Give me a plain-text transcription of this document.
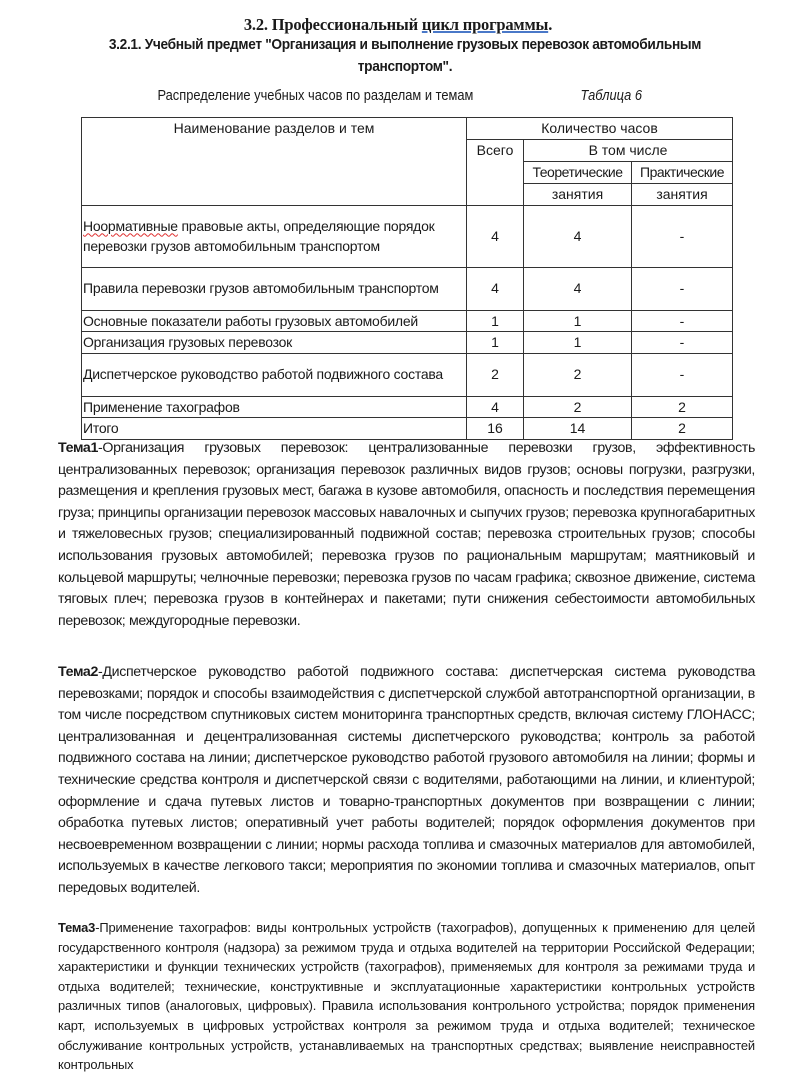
3.2. Профессиональный цикл программы.
3.2.1. Учебный предмет "Организация и выполнение грузовых перевозок автомобильным транспортом".
Распределение учебных часов по разделам и темам	Таблица 6
Наименование разделов и тем	Количество часов		
	Всего	В том числе	
		Теоретические	Практические
		занятия	занятия
Ноормативные правовые акты, определяющие порядок перевозки грузов автомобильным транспортом	4	4	-
Правила перевозки грузов автомобильным транспортом	4	4	-
Основные показатели работы грузовых автомобилей	1	1	-
Организация грузовых перевозок	1	1	-
Диспетчерское руководство работой подвижного состава	2	2	-
Применение тахографов	4	2	2
Итого	16	14	2

Тема1-Организация грузовых перевозок: централизованные перевозки грузов, эффективность централизованных перевозок; организация перевозок различных видов грузов; основы погрузки, разгрузки, размещения и крепления грузовых мест, багажа в кузове автомобиля, опасность и последствия перемещения груза; принципы организации перевозок массовых навалочных и сыпучих грузов; перевозка крупногабаритных и тяжеловесных грузов; специализированный подвижной состав; перевозка строительных грузов; способы использования грузовых автомобилей; перевозка грузов по рациональным маршрутам; маятниковый и кольцевой маршруты; челночные перевозки; перевозка грузов по часам графика; сквозное движение, система тяговых плеч; перевозка грузов в контейнерах и пакетами; пути снижения себестоимости автомобильных перевозок; междугородные перевозки.

Тема2-Диспетчерское руководство работой подвижного состава: диспетчерская система руководства перевозками; порядок и способы взаимодействия с диспетчерской службой автотранспортной организации, в том числе посредством спутниковых систем мониторинга транспортных средств, включая систему ГЛОНАСС; централизованная и децентрализованная системы диспетчерского руководства; контроль за работой подвижного состава на линии; диспетчерское руководство работой грузового автомобиля на линии; формы и технические средства контроля и диспетчерской связи с водителями, работающими на линии, и клиентурой; оформление и сдача путевых листов и товарно-транспортных документов при возвращении с линии; обработка путевых листов; оперативный учет работы водителей; порядок оформления документов при несвоевременном возвращении с линии; нормы расхода топлива и смазочных материалов для автомобилей, используемых в качестве легкового такси; мероприятия по экономии топлива и смазочных материалов, опыт передовых водителей.

Тема3-Применение тахографов: виды контрольных устройств (тахографов), допущенных к применению для целей государственного контроля (надзора) за режимом труда и отдыха водителей на территории Российской Федерации; характеристики и функции технических устройств (тахографов), применяемых для контроля за режимами труда и отдыха водителей; технические, конструктивные и эксплуатационные характеристики контрольных устройств различных типов (аналоговых, цифровых). Правила использования контрольного устройства; порядок применения карт, используемых в цифровых устройствах контроля за режимом труда и отдыха водителей; техническое обслуживание контрольных устройств, устанавливаемых на транспортных средствах; выявление неисправностей контрольных
